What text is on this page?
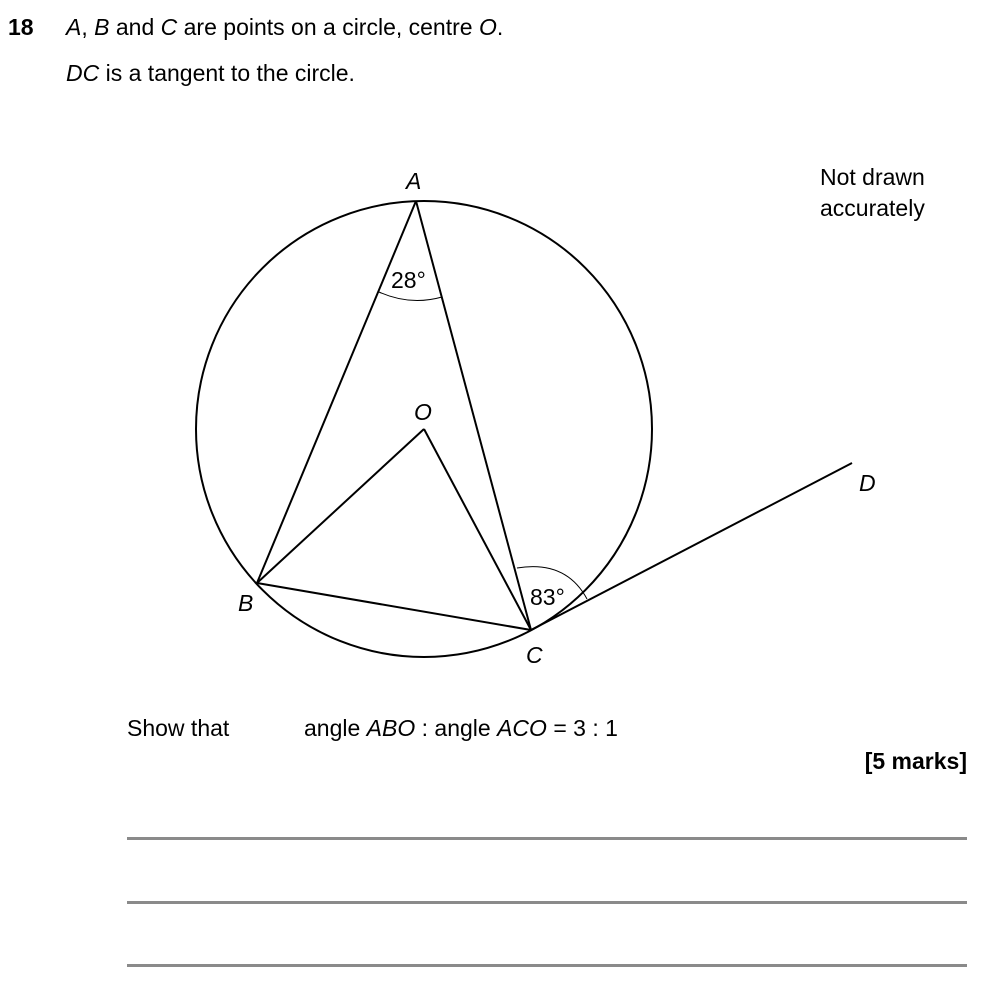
18 A, B and C are points on a circle, centre O.
DC is a tangent to the circle.
Not drawn accurately
A
B
C
O
D
28°
83°
Show that	angle ABO : angle ACO = 3 : 1
[5 marks]
